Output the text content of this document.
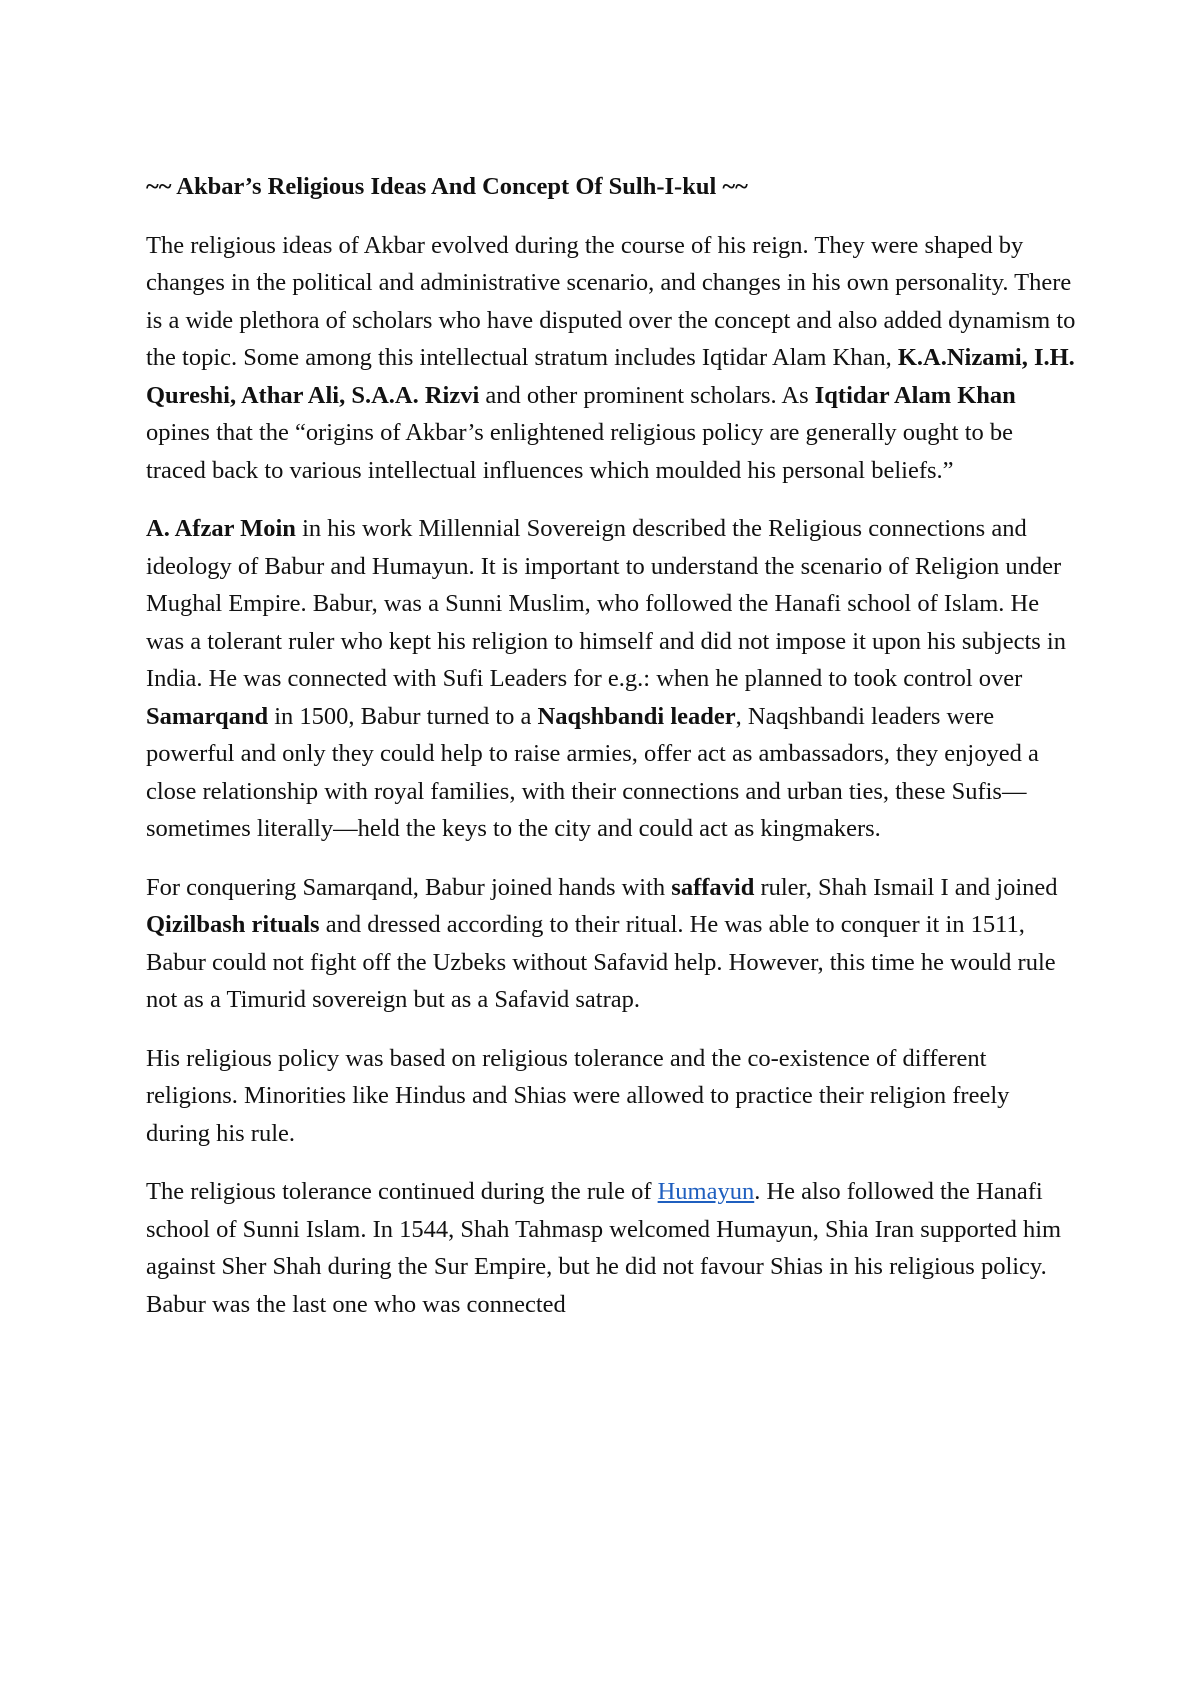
~~ Akbar’s Religious Ideas And Concept Of Sulh-I-kul ~~
The religious ideas of Akbar evolved during the course of his reign. They were shaped by changes in the political and administrative scenario, and changes in his own personality. There is a wide plethora of scholars who have disputed over the concept and also added dynamism to the topic. Some among this intellectual stratum includes Iqtidar Alam Khan, K.A.Nizami, I.H. Qureshi, Athar Ali, S.A.A. Rizvi and other prominent scholars. As Iqtidar Alam Khan opines that the “origins of Akbar’s enlightened religious policy are generally ought to be traced back to various intellectual influences which moulded his personal beliefs.”
A. Afzar Moin in his work Millennial Sovereign described the Religious connections and ideology of Babur and Humayun. It is important to understand the scenario of Religion under Mughal Empire. Babur, was a Sunni Muslim, who followed the Hanafi school of Islam. He was a tolerant ruler who kept his religion to himself and did not impose it upon his subjects in India. He was connected with Sufi Leaders for e.g.: when he planned to took control over Samarqand in 1500, Babur turned to a Naqshbandi leader, Naqshbandi leaders were powerful and only they could help to raise armies, offer act as ambassadors, they enjoyed a close relationship with royal families, with their connections and urban ties, these Sufis—sometimes literally—held the keys to the city and could act as kingmakers.
For conquering Samarqand, Babur joined hands with saffavid ruler, Shah Ismail I and joined Qizilbash rituals and dressed according to their ritual. He was able to conquer it in 1511, Babur could not fight off the Uzbeks without Safavid help. However, this time he would rule not as a Timurid sovereign but as a Safavid satrap.
His religious policy was based on religious tolerance and the co-existence of different religions. Minorities like Hindus and Shias were allowed to practice their religion freely during his rule.
The religious tolerance continued during the rule of Humayun. He also followed the Hanafi school of Sunni Islam. In 1544, Shah Tahmasp welcomed Humayun, Shia Iran supported him against Sher Shah during the Sur Empire, but he did not favour Shias in his religious policy. Babur was the last one who was connected
